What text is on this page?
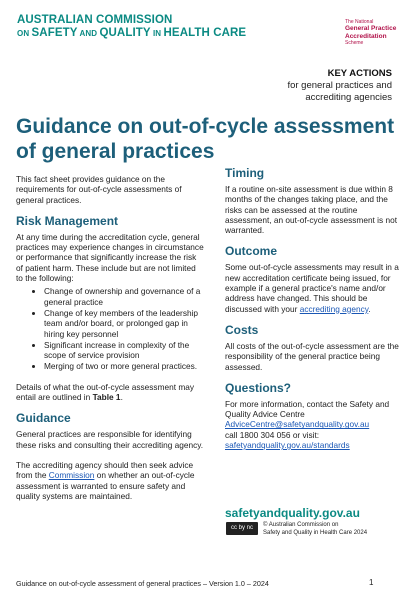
AUSTRALIAN COMMISSION
ON SAFETY AND QUALITY IN HEALTH CARE
The National
General Practice
Accreditation
Scheme
KEY ACTIONS
for general practices and
accrediting agencies
Guidance on out-of-cycle assessment
of general practices

This fact sheet provides guidance on the requirements for out-of-cycle assessments of general practices.

Risk Management

At any time during the accreditation cycle, general practices may experience changes in circumstance or performance that significantly increase the risk of patient harm. These include but are not limited to the following:

• Change of ownership and governance of a general practice
• Change of key members of the leadership team and/or board, or prolonged gap in hiring key personnel
• Significant increase in complexity of the scope of service provision
• Merging of two or more general practices.

Details of what the out-of-cycle assessment may entail are outlined in Table 1.

Guidance

General practices are responsible for identifying these risks and consulting their accrediting agency.

The accrediting agency should then seek advice from the Commission on whether an out-of-cycle assessment is warranted to ensure safety and quality systems are maintained.

Timing

If a routine on-site assessment is due within 8 months of the changes taking place, and the risks can be assessed at the routine assessment, an out-of-cycle assessment is not warranted.

Outcome

Some out-of-cycle assessments may result in a new accreditation certificate being issued, for example if a general practice's name and/or address have changed. This should be discussed with your accrediting agency.

Costs

All costs of the out-of-cycle assessment are the responsibility of the general practice being assessed.

Questions?

For more information, contact the Safety and Quality Advice Centre

AdviceCentre@safetyandquality.gov.au

call 1800 304 056 or visit:

safetyandquality.gov.au/standards

safetyandquality.gov.au
cc by nc	© Australian Commission on
Safety and Quality in Health Care 2024
Guidance on out-of-cycle assessment of general practices – Version 1.0 – 2024	1
